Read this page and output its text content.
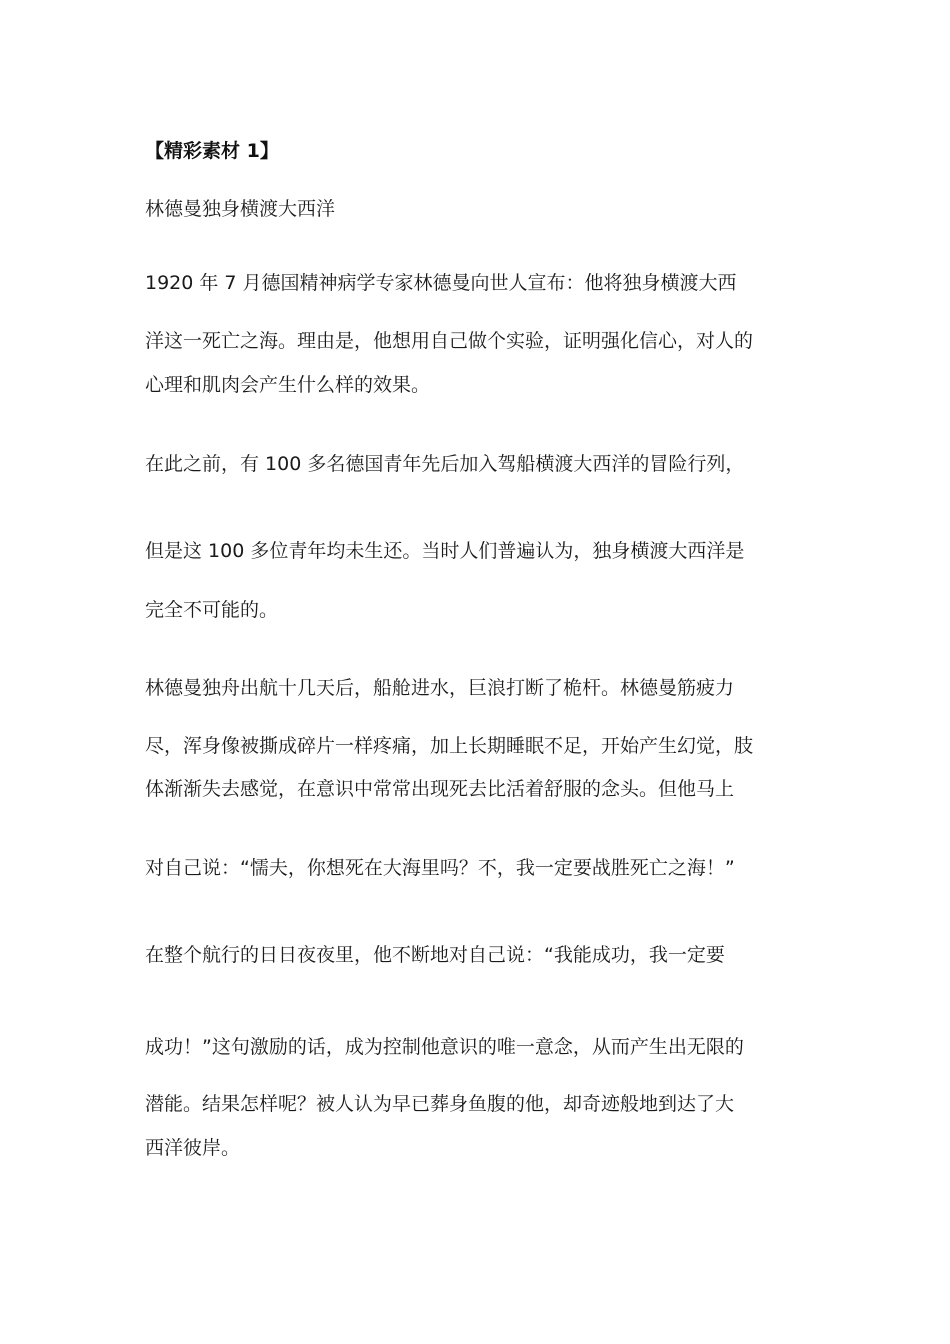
【精彩素材 1】

林德曼独身横渡大西洋

1920 年 7 月德国精神病学专家林德曼向世人宣布：他将独身横渡大西

洋这一死亡之海。理由是，他想用自己做个实验，证明强化信心，对人的

心理和肌肉会产生什么样的效果。

在此之前，有 100 多名德国青年先后加入驾船横渡大西洋的冒险行列，

但是这 100 多位青年均未生还。当时人们普遍认为，独身横渡大西洋是

完全不可能的。

林德曼独舟出航十几天后，船舱进水，巨浪打断了桅杆。林德曼筋疲力

尽，浑身像被撕成碎片一样疼痛，加上长期睡眠不足，开始产生幻觉，肢

体渐渐失去感觉，在意识中常常出现死去比活着舒服的念头。但他马上

对自己说：“懦夫，你想死在大海里吗？不，我一定要战胜死亡之海！”

在整个航行的日日夜夜里，他不断地对自己说：“我能成功，我一定要

成功！”这句激励的话，成为控制他意识的唯一意念，从而产生出无限的

潜能。结果怎样呢？被人认为早已葬身鱼腹的他，却奇迹般地到达了大

西洋彼岸。
